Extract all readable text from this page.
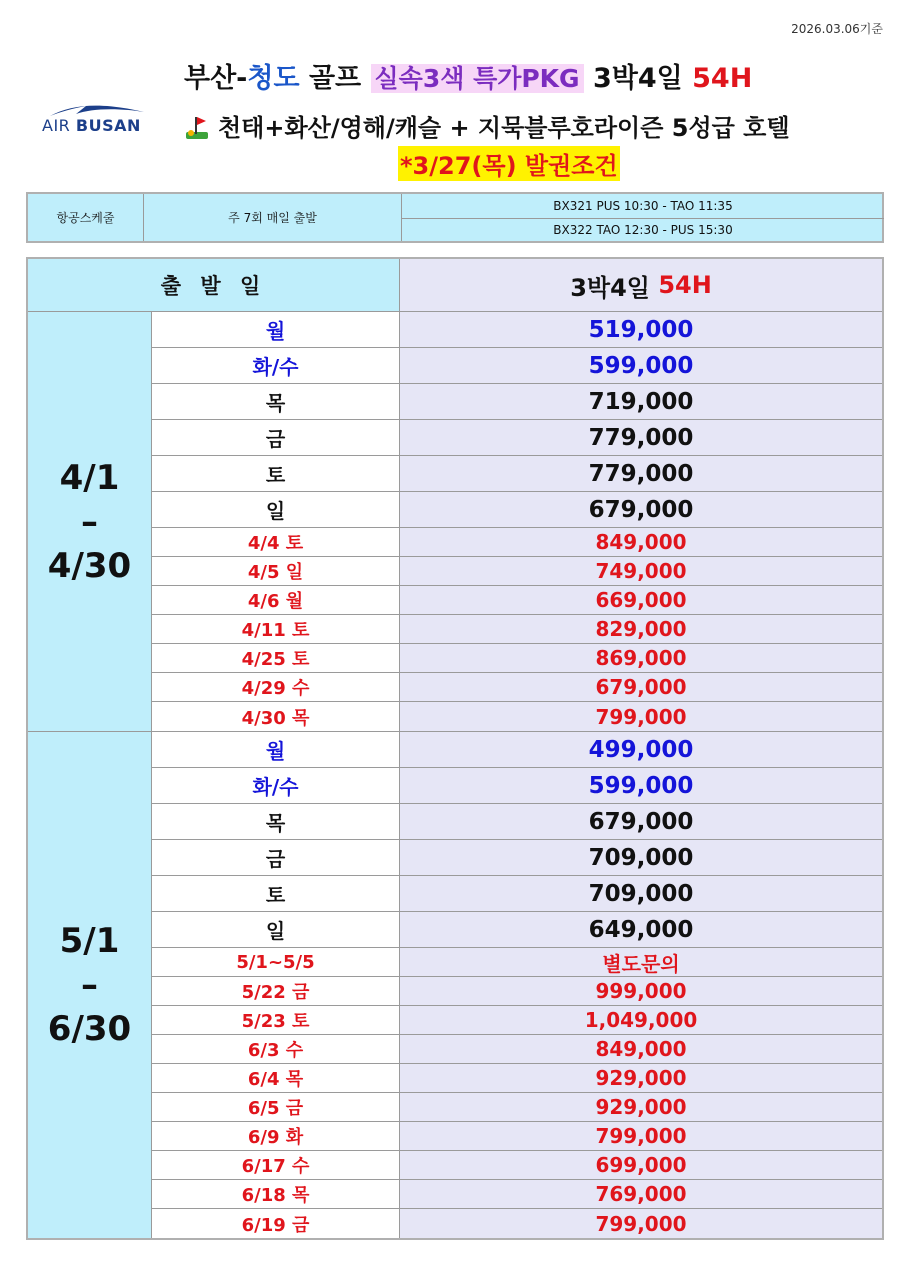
2026.03.06기준
AIR BUSAN
부산-청도 골프 실속3색 특가PKG 3박4일 54H
천태+화산/영해/캐슬 + 지묵블루호라이즌 5성급 호텔
*3/27(목) 발권조건
항공스케줄	주 7회 매일 출발
BX321 PUS 10:30 - TAO 11:35
BX322 TAO 12:30 - PUS 15:30
출 발 일	3박4일 54H
4/1
–
4/30
월	519,000
화/수	599,000
목	719,000
금	779,000
토	779,000
일	679,000
4/4 토	849,000
4/5 일	749,000
4/6 월	669,000
4/11 토	829,000
4/25 토	869,000
4/29 수	679,000
4/30 목	799,000
5/1
–
6/30
월	499,000
화/수	599,000
목	679,000
금	709,000
토	709,000
일	649,000
5/1~5/5	별도문의
5/22 금	999,000
5/23 토	1,049,000
6/3 수	849,000
6/4 목	929,000
6/5 금	929,000
6/9 화	799,000
6/17 수	699,000
6/18 목	769,000
6/19 금	799,000
